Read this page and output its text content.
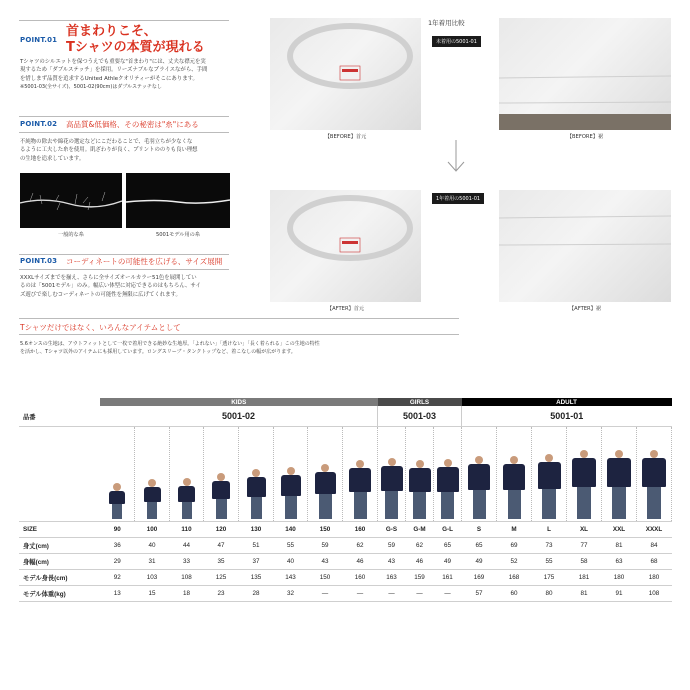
POINT.01
首まわりこそ、
Tシャツの本質が現れる
Tシャツのシルエットを保つうえでも重要な"首まわり"には、丈夫な襟元を実
現するため「ダブルステッチ」を採用。リーズナブルなプライスながら、手間
を惜しまず品質を追求するUnited Athleクオリティーがそこにあります。
※5001-03(全サイズ)、5001-02(90cm)はダブルステッチなし
POINT.02 高品質&低価格、その秘密は"糸"にある
不純物の除去や綿花の選定などにこだわることで、毛羽立ちが少なくな
るように工夫した糸を使用。肌ざわりが良く、プリントののりも良い理想
の生地を追求しています。
一般的な糸	5001モデル用の糸
POINT.03 コーディネートの可能性を広げる、サイズ展開
XXXLサイズまでを揃え、さらに全サイズオールカラー51色を展開してい
るのは「5001モデル」のみ。幅広い体型に対応できるのはもちろん、サイ
ズ遊びで楽しむコーディネートの可能性を無限に広げてくれます。
Tシャツだけではなく、いろんなアイテムとして
5.6オンスの生地は、アウトフィットとして一枚で着用できる絶妙な生地厚。「よれない」「透けない」「長く着られる」この生地の特性
を活かし、Tシャツ以外のアイテムにも採用しています。ロングスリーブ・タンクトップなど、着こなしの幅が広がります。
1年着用比較
未着用の5001-01
【BEFORE】首元	【BEFORE】裾
1年着用の5001-01
【AFTER】首元	【AFTER】裾
	KIDS								GIRLS			ADULT					
品番	5001-02								5001-03			5001-01					

SIZE	90	100	110	120	130	140	150	160	G-S	G-M	G-L	S	M	L	XL	XXL	XXXL
身丈(cm)	36	40	44	47	51	55	59	62	59	62	65	65	69	73	77	81	84
身幅(cm)	29	31	33	35	37	40	43	46	43	46	49	49	52	55	58	63	68
モデル身長(cm)	92	103	108	125	135	143	150	160	163	159	161	169	168	175	181	180	180
モデル体重(kg)	13	15	18	23	28	32	—	—	—	—	—	57	60	80	81	91	108
